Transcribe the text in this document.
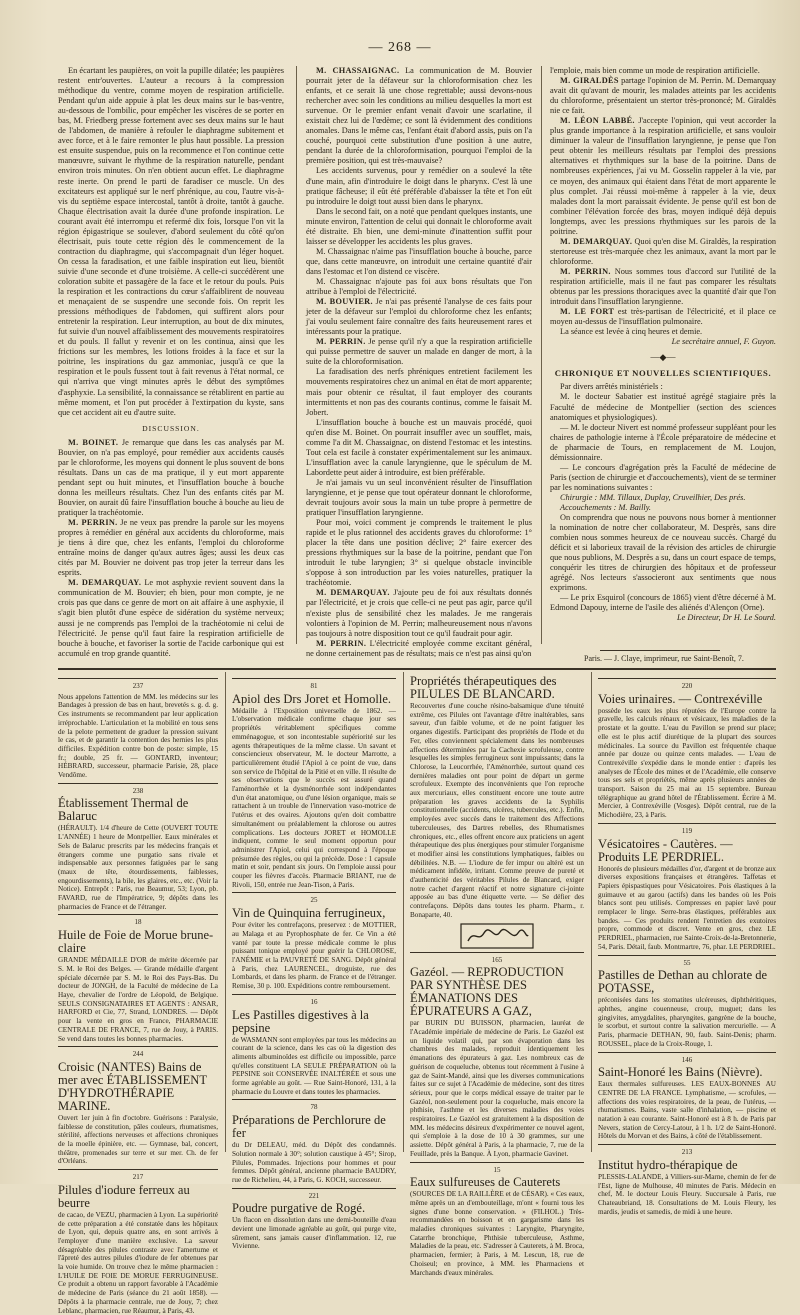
— 268 —

En écartant les paupières, on voit la pupille dilatée; les paupières restent entr'ouvertes. L'auteur a recours à la compression méthodique du ventre, comme moyen de respiration artificielle. Pendant qu'un aide appuie à plat les deux mains sur le bas-ventre, au-dessous de l'ombilic, pour empêcher les viscères de se porter en bas, M. Friedberg presse fortement avec ses deux mains sur le haut de l'abdomen, de manière à refouler le diaphragme subitement et avec force, et à le faire remonter le plus haut possible. La pression est ensuite suspendue, puis on la recommence et l'on continue cette manœuvre, suivant le rhythme de la respiration naturelle, pendant environ trois minutes. On n'en obtient aucun effet. Le diaphragme reste inerte. On prend le parti de faradiser ce muscle. Un des excitateurs est appliqué sur le nerf phrénique, au cou, l'autre vis-à-vis du septième espace intercostal, tantôt à droite, tantôt à gauche. Chaque électrisation avait la durée d'une profonde inspiration. Le courant avait été interrompu et refermé dix fois, lorsque l'on vit la région épigastrique se soulever, d'abord seulement du côté qu'on électrisait, puis toute cette région dès le commencement de la contraction du diaphragme, qui s'accompagnait d'un léger hoquet. On cessa la faradisation, et une faible inspiration eut lieu, bientôt suivie d'une seconde et d'une troisième. A celle-ci succédèrent une coloration subite et passagère de la face et le retour du pouls. Puis la respiration et les contractions du cœur s'affaiblirent de nouveau et menaçaient de se suspendre une seconde fois. On reprit les pressions méthodiques de l'abdomen, qui suffirent alors pour entretenir la respiration. Leur interruption, au bout de dix minutes, fut suivie d'un nouvel affaiblissement des mouvements respiratoires et du pouls. Il fallut y revenir et on les continua, ainsi que les frictions sur les membres, les lotions froides à la face et sur la poitrine, les inspirations du gaz ammoniac, jusqu'à ce que la respiration et le pouls fussent tout à fait revenus à l'état normal, ce qui n'arriva que vingt minutes après le début des symptômes d'asphyxie. La sensibilité, la connaissance se rétablirent en partie au même moment, et l'on put procéder à l'extirpation du kyste, sans que cet accident ait eu d'autre suite.

DISCUSSION.

M. BOINET. Je remarque que dans les cas analysés par M. Bouvier, on n'a pas employé, pour remédier aux accidents causés par le chloroforme, les moyens qui donnent le plus souvent de bons résultats. Dans un cas de ma pratique, il y eut mort apparente pendant sept ou huit minutes, et l'insufflation bouche à bouche donna les meilleurs résultats. Chez l'un des enfants cités par M. Bouvier, on aurait dû faire l'insufflation bouche à bouche au lieu de pratiquer la trachéotomie.

M. PERRIN. Je ne veux pas prendre la parole sur les moyens propres à remédier en général aux accidents du chloroforme, mais je tiens à dire que, chez les enfants, l'emploi du chloroforme entraîne moins de danger qu'aux autres âges; aussi les deux cas cités par M. Bouvier ne doivent pas trop jeter la terreur dans les esprits.

M. DEMARQUAY. Le mot asphyxie revient souvent dans la communication de M. Bouvier; eh bien, pour mon compte, je ne crois pas que dans ce genre de mort on ait affaire à une asphyxie, il s'agit bien plutôt d'une espèce de sidération du système nerveux; aussi je ne comprends pas l'emploi de la trachéotomie ni celui de l'électricité. Je pense qu'il faut faire la respiration artificielle de bouche à bouche, et favoriser la sortie de l'acide carbonique qui est accumulé en trop grande quantité.

M. CHASSAIGNAC. La communication de M. Bouvier pourrait jeter de la défaveur sur la chloroformisation chez les enfants, et ce serait là une chose regrettable; aussi devons-nous rechercher avec soin les conditions au milieu desquelles la mort est survenue. Or le premier enfant venait d'avoir une scarlatine, il existait chez lui de l'œdème; ce sont là évidemment des conditions anomales. Dans le même cas, l'enfant était d'abord assis, puis on l'a couché, pourquoi cette substitution d'une position à une autre, pendant la durée de la chloroformisation, pourquoi l'emploi de la première position, qui est très-mauvaise?

Les accidents survenus, pour y remédier on a soulevé la tête d'une main, afin d'introduire le doigt dans le pharynx. C'est là une pratique fâcheuse; il eût été préférable d'abaisser la tête et l'on eût pu introduire le doigt tout aussi bien dans le pharynx.

Dans le second fait, on a noté que pendant quelques instants, une minute environ, l'attention de celui qui donnait le chloroforme avait été distraite. Eh bien, une demi-minute d'inattention suffit pour laisser se développer les accidents les plus graves.

M. Chassaignac n'aime pas l'insufflation bouche à bouche, parce que, dans cette manœuvre, on introduit une certaine quantité d'air dans l'estomac et l'on distend ce viscère.

M. Chassaignac n'ajoute pas foi aux bons résultats que l'on attribue à l'emploi de l'électricité.

M. BOUVIER. Je n'ai pas présenté l'analyse de ces faits pour jeter de la défaveur sur l'emploi du chloroforme chez les enfants; j'ai voulu seulement faire connaître des faits heureusement rares et intéressants pour la pratique.

M. PERRIN. Je pense qu'il n'y a que la respiration artificielle qui puisse permettre de sauver un malade en danger de mort, à la suite de la chloroformisation.

La faradisation des nerfs phréniques entretient facilement les mouvements respiratoires chez un animal en état de mort apparente; mais pour obtenir ce résultat, il faut employer des courants intermittents et non pas des courants continus, comme le faisait M. Jobert.

L'insufflation bouche à bouche est un mauvais procédé, quoi qu'en dise M. Boinet. On pourrait insuffler avec un soufflet, mais, comme l'a dit M. Chassaignac, on distend l'estomac et les intestins. Tout cela est facile à constater expérimentalement sur les animaux. L'insufflation avec la canule laryngienne, que le spéculum de M. Labordette peut aider à introduire, est bien préférable.

Je n'ai jamais vu un seul inconvénient résulter de l'insufflation laryngienne, et je pense que tout opérateur donnant le chloroforme, devrait toujours avoir sous la main un tube propre à permettre de pratiquer l'insufflation laryngienne.

Pour moi, voici comment je comprends le traitement le plus rapide et le plus rationnel des accidents graves du chloroforme: 1° placer la tête dans une position déclive; 2° faire exercer des pressions rhythmiques sur la base de la poitrine, pendant que l'on introduit le tube laryngien; 3° si quelque obstacle invincible s'oppose à son introduction par les voies naturelles, pratiquer la trachéotomie.

M. DEMARQUAY. J'ajoute peu de foi aux résultats donnés par l'électricité, et je crois que celle-ci ne peut pas agir, parce qu'il n'existe plus de sensibilité chez les malades. Je me rangerais volontiers à l'opinion de M. Perrin; malheureusement nous n'avons pas toujours à notre disposition tout ce qu'il faudrait pour agir.

M. PERRIN. L'électricité employée comme excitant général, ne donne certainement pas de résultats; mais ce n'est pas ainsi qu'on

l'emploie, mais bien comme un mode de respiration artificielle.

M. GIRALDÈS partage l'opinion de M. Perrin. M. Demarquay avait dit qu'avant de mourir, les malades atteints par les accidents du chloroforme, présentaient un stertor très-prononcé; M. Giraldès nie ce fait.

M. LÉON LABBÉ. J'accepte l'opinion, qui veut accorder la plus grande importance à la respiration artificielle, et sans vouloir diminuer la valeur de l'insufflation laryngienne, je pense que l'on peut obtenir les meilleurs résultats par l'emploi des pressions alternatives et rhythmiques sur la base de la poitrine. Dans de nombreuses expériences, j'ai vu M. Gosselin rappeler à la vie, par ce moyen, des animaux qui étaient dans l'état de mort apparente le plus complet. J'ai réussi moi-même à rappeler à la vie, deux malades dont la mort paraissait évidente. Je pense qu'il est bon de combiner l'élévation forcée des bras, moyen indiqué déjà depuis longtemps, avec les pressions rhythmiques sur les parois de la poitrine.

M. DEMARQUAY. Quoi qu'en dise M. Giraldès, la respiration stertoreuse est très-marquée chez les animaux, avant la mort par le chloroforme.

M. PERRIN. Nous sommes tous d'accord sur l'utilité de la respiration artificielle, mais il ne faut pas comparer les résultats obtenus par les pressions thoraciques avec la quantité d'air que l'on introduit dans l'insufflation laryngienne.

M. LE FORT est très-partisan de l'électricité, et il place ce moyen au-dessus de l'insufflation pulmonaire.

La séance est levée à cinq heures et demie.

Le secrétaire annuel, F. Guyon.

—◆—
CHRONIQUE ET NOUVELLES SCIENTIFIQUES.

Par divers arrêtés ministériels :

M. le docteur Sabatier est institué agrégé stagiaire près la Faculté de médecine de Montpellier (section des sciences anatomiques et physiologiques).

— M. le docteur Nivert est nommé professeur suppléant pour les chaires de pathologie interne à l'École préparatoire de médecine et de pharmacie de Tours, en remplacement de M. Loujon, démissionnaire.

— Le concours d'agrégation près la Faculté de médecine de Paris (section de chirurgie et d'accouchements), vient de se terminer par les nominations suivantes :

Chirurgie : MM. Tillaux, Duplay, Cruveilhier, Des prés.

Accouchements : M. Bailly.

On comprendra que nous ne pouvons nous borner à mentionner la nomination de notre cher collaborateur, M. Desprès, sans dire combien nous sommes heureux de ce nouveau succès. Chargé du déficit et si laborieux travail de la révision des articles de chirurgie que nous publions, M. Desprès a su, dans un court espace de temps, conquérir les titres de chirurgien des hôpitaux et de professeur agrégé. Nos lecteurs s'associeront aux sentiments que nous exprimons.

— Le prix Esquirol (concours de 1865) vient d'être décerné à M. Edmond Dapouy, interne de l'asile des aliénés d'Alençon (Orne).

Le Directeur, Dr H. Le Sourd.

Paris. — J. Claye, imprimeur, rue Saint-Benoît, 7.
237

Nous appelons l'attention de MM. les médecins sur les Bandages à pression de bas en haut, brevetés s. g. d. g. Ces instruments se recommandent par leur application irréprochable. L'articulation et la mobilité en tous sens de la pelote permettent de graduer la pression suivant le cas, et de garantir la contention des hernies les plus difficiles. Expédition contre bon de poste: simple, 15 fr.; double, 25 fr. — GONTARD, inventeur; HÉBRARD, successeur, pharmacie Parisie, 28, place Vendôme.

238
Établissement Thermal de Balaruc

(HÉRAULT). 1/4 d'heure de Cette (OUVERT TOUTE L'ANNÉE) 1 heure de Montpellier. Eaux minérales et Sels de Balaruc prescrits par les médecins français et étrangers comme une purgatio sans rivale et indispensable aux personnes fatiguées par le sang (maux de tête, étourdissements, faiblesses, engourdissements), la bile, les glaires, etc., etc. (Voir la Notice). Entrepôt : Paris, rue Beaumur, 53; Lyon, pb. FAVARD, rue de l'Impératrice, 9; dépôts dans les pharmacies de France et de l'étranger.

18
Huile de Foie de Morue brune-claire

GRANDE MÉDAILLE D'OR de mérite décernée par S. M. le Roi des Belges. — Grande médaille d'argent spéciale décernée par S. M. le Roi des Pays-Bas. Du docteur de JONGH, de la Faculté de médecine de La Haye, chevalier de l'ordre de Léopold, de Belgique. SEULS CONSIGNATAIRES ET AGENTS : ANSAR, HARFORD et Cie, 77, Strand, LONDRES. — Dépôt pour la vente en gros en France, PHARMACIE CENTRALE DE FRANCE, 7, rue de Jouy, à PARIS. Se vend dans toutes les bonnes pharmacies.

244
Croisic (NANTES) Bains de mer avec ÉTABLISSEMENT D'HYDROTHÉRAPIE MARINE.

Ouvert 1er juin à fin d'octobre. Guérisons : Paralysie, faiblesse de constitution, pâles couleurs, rhumatismes, stérilité, affections nerveuses et affections chroniques de la moelle épinière, etc. — Gymnase, bal, concert, théâtre, promenades sur terre et sur mer. Ch. de fer d'Orléans.

217
Pilules d'iodure ferreux au beurre

de cacao, de VEZU, pharmacien à Lyon. La supériorité de cette préparation a été constatée dans les hôpitaux de Lyon, qui, depuis quatre ans, en sont arrivés à l'employer d'une manière exclusive. La saveur désagréable des pilules contraste avec l'amertume et l'âpreté des autres pilules d'iodure de fer obtenues par la voie humide. On trouve chez le même pharmacien : L'HUILE DE FOIE DE MORUE FERRUGINEUSE. Ce produit a obtenu un rapport favorable à l'Académie de médecine de Paris (séance du 21 août 1858). — Dépôts à la pharmacie centrale, rue de Jouy, 7; chez Leblanc, pharmacien, rue Réaumur, à Paris, 43.

81
Apiol des Drs Joret et Homolle.

Médaille à l'Exposition universelle de 1862. — L'observation médicale confirme chaque jour ses propriétés véritablement spécifiques comme emménagogue, et son incontestable supériorité sur les agents thérapeutiques de la même classe. Un savant et consciencieux observateur, M. le docteur Marrotte, a particulièrement étudié l'Apiol à ce point de vue, dans son service de l'hôpital de la Pitié et en ville. Il résulte de ses observations que le succès est assuré quand l'aménorrhée et la dysménorrhée sont indépendantes d'un état anatomique, ou d'une lésion organique, mais se rattachent à un trouble de l'innervation vaso-motrice de l'utérus et des ovaires. Ajoutons qu'en doit combattre simultanément ou préalablement la chlorose ou autres complications. Les docteurs JORET et HOMOLLE indiquent, comme le seul moment opportun pour administrer l'Apiol, celui qui correspond à l'époque présumée des règles, ou qui la précède. Dose : 1 capsule matin et soir, pendant six jours. On l'emploie aussi pour couper les fièvres d'accès. Pharmacie BRIANT, rue de Rivoli, 150, entrée rue Jean-Tison, à Paris.

25
Vin de Quinquina ferrugineux,

Pour éviter les contrefaçons, preservez : de MOTTIER, au Malaga et au Pyrophosphate de fer. Ce Vin a été vanté par toute la presse médicale comme le plus puissant tonique employé pour guérir la CHLOROSE, l'ANÉMIE et la PAUVRETÉ DE SANG. Dépôt général à Paris, chez LAURENCEL, droguiste, rue des Lombards, et dans les pharm. de France et de l'étranger. Remise, 30 p. 100. Expéditions contre remboursement.

16
Les Pastilles digestives à la pepsine

de WASMANN sont employées par tous les médecins au courant de la science, dans les cas où la digestion des aliments albuminoïdes est difficile ou impossible, parce qu'elles constituent LA SEULE PRÉPARATION où la PEPSINE soit CONSERVÉE INALTÉRÉE et sous une forme agréable au goût. — Rue Saint-Honoré, 131, à la pharmacie du Louvre et dans toutes les pharmacies.

78
Préparations de Perchlorure de fer

du Dr DELEAU, méd. du Dépôt des condamnés. Solution normale à 30°; solution caustique à 45°; Sirop, Pilules, Pommades. Injections pour hommes et pour femmes. Dépôt général, ancienne pharmacie BAUDRY, rue de Richelieu, 44, à Paris, G. KOCH, successeur.

221
Poudre purgative de Rogé.

Un flacon en dissolution dans une demi-bouteille d'eau devient une limonade agréable au goût, qui purge vite, sûrement, sans jamais causer d'inflammation. 12, rue Vivienne.

Propriétés thérapeutiques des PILULES DE BLANCARD.

Recouvertes d'une couche résino-balsamique d'une ténuité extrême, ces Pilules ont l'avantage d'être inaltérables, sans saveur, d'un faible volume, et de ne point fatiguer les organes digestifs. Participant des propriétés de l'Iode et du Fer, elles conviennent spécialement dans les nombreuses affections déterminées par la Cachexie scrofuleuse, contre lesquelles les simples ferrugineux sont impuissants; dans la Chlorose, la Leucorrhée, l'Aménorrhée, surtout quand ces dernières maladies ont pour point de départ un germe scrofuleux. Exempte des inconvénients que l'on reproche aux mercuriaux, elles constituent encore une toute autre préparation les graves accidents de la Syphilis constitutionnelle (accidents, ulcères, tubercules, etc.). Enfin, employées avec succès dans le traitement des Affections tuberculeuses, des Dartres rebelles, des Rhumatismes chroniques, etc., elles offrent encore aux praticiens un agent thérapeutique des plus énergiques pour stimuler l'organisme et modifier ainsi les constitutions lymphatiques, faibles ou débilitées. N.B. — L'iodure de fer impur ou altéré est un médicament infidèle, irritant. Comme preuve de pureté et d'authenticité des véritables Pilules de Blancard, exiger notre cachet d'argent réactif et notre signature ci-jointe apposée au bas d'une étiquette verte. — Se défier des contrefaçons. Dépôts dans toutes les pharm. Pharm., r. Bonaparte, 40.

165
Gazéol. — REPRODUCTION PAR SYNTHÈSE DES ÉMANATIONS DES ÉPURATEURS A GAZ,

par BURIN DU BUISSON, pharmacien, lauréat de l'Académie impériale de médecine de Paris. Le Gazéol est un liquide volatil qui, par son évaporation dans les chambres des malades, reproduit identiquement les émanations des épurateurs à gaz. Les nombreux cas de guérison de coqueluche, obtenus tout récemment à l'usine à gaz de Saint-Mandé, ainsi que les diverses communications faites sur ce sujet à l'Académie de médecine, sont des titres sérieux, pour que le corps médical essaye de traiter par le Gazéol, non-seulement pour la coqueluche, mais encore la phthisie, l'asthme et les diverses maladies des voies respiratoires. Le Gazéol est gratuitement à la disposition de MM. les médecins désireux d'expérimenter ce nouvel agent, qui s'emploie à la dose de 10 à 30 grammes, sur une assiette. Dépôt général à Paris, à la pharmacie, 7, rue de la Feuillade, près la Banque. À Lyon, pharmacie Gavinet.

15
Eaux sulfureuses de Cauterets

(SOURCES DE LA RAILLÈRE et de CÉSAR). « Ces eaux, même après un an d'embouteillage, m'ont « fourni tous les signes d'une bonne conservation. » (FILHOL.) Très-recommandées en boisson et en gargarisme dans les maladies chroniques suivantes : Laryngite, Pharyngite, Catarrhe bronchique, Phthisie tuberculeuse, Asthme, Maladies de la peau, etc. S'adresser à Cauterets, à M. Broca, pharmacien, fermier; à Paris, à M. Lescun, 18, rue de Choiseul; en province, à MM. les Pharmaciens et Marchands d'eaux minérales.

220
Voies urinaires. — Contrexéville

possède les eaux les plus réputées de l'Europe contre la gravelle, les calculs rénaux et vésicaux, les maladies de la prostate et la goutte. L'eau du Pavillon se prend sur place; elle est le plus actif diurétique de la plupart des sources médicinales. La source du Pavillon est fréquentée chaque année par douze ou quinze cents malades. — L'eau de Contrexéville s'expédie dans le monde entier : d'après les analyses de l'École des mines et de l'Académie, elle conserve tous ses sels et propriétés, même après plusieurs années de transport. Saison du 25 mai au 15 septembre. Bureau télégraphique au grand hôtel de l'Établissement. Écrire à M. Mercier, à Contrexéville (Vosges). Dépôt central, rue de la Michodière, 23, à Paris.

119
Vésicatoires - Cautères. — Produits LE PERDRIEL.

Honorés de plusieurs médailles d'or, d'argent et de bronze aux diverses expositions françaises et étrangères. Taffetas et Papiers épispastiques pour Vésicatoires. Pois élastiques à la guimauve et au garou (actifs) dans les bandes où les Pois blancs sont peu utilisés. Compresses en papier lavé pour remplacer le linge. Serre-bras élastiques, préférables aux bandes. — Ces produits rendent l'entretien des exutoires propre, commode et discret. Vente en gros, chez LE PERDRIEL, pharmacien, rue Sainte-Croix-de-la-Bretonnerie, 54, Paris. Détail, faub. Montmartre, 76, phar. LE PERDRIEL.

55
Pastilles de Dethan au chlorate de POTASSE,

préconisées dans les stomatites ulcéreuses, diphthéritiques, aphthes, angine couenneuse, croup, muguet; dans les gingivites, amygdalites, pharyngites, gangrène de la bouche, le scorbut, et surtout contre la salivation mercurielle. — A Paris, pharmacie DETHAN, 90, faub. Saint-Denis; pharm. ROUSSEL, place de la Croix-Rouge, 1.

146
Saint-Honoré les Bains (Nièvre).

Eaux thermales sulfureuses. LES EAUX-BONNES AU CENTRE DE LA FRANCE. Lymphatisme, — scrofules, — affections des voies respiratoires, de la peau, de l'utérus, — rhumatismes. Bains, vaste salle d'inhalation, — piscine et natation à eau courante. Saint-Honoré est à 8 h. de Paris par Nevers, station de Cercy-Latour, à 1 h. 1/2 de Saint-Honoré. Hôtels du Morvan et des Bains, à côté de l'établissement.

213
Institut hydro-thérapique de

PLESSIS-LALANDE, à Villiers-sur-Marne, chemin de fer de l'Est, ligne de Mulhouse, 40 minutes de Paris. Médecin en chef, M. le docteur Louis Fleury. Succursale à Paris, rue Chateaubriand, 18. Consultations de M. Louis Fleury, les mardis, jeudis et samedis, de midi à une heure.
